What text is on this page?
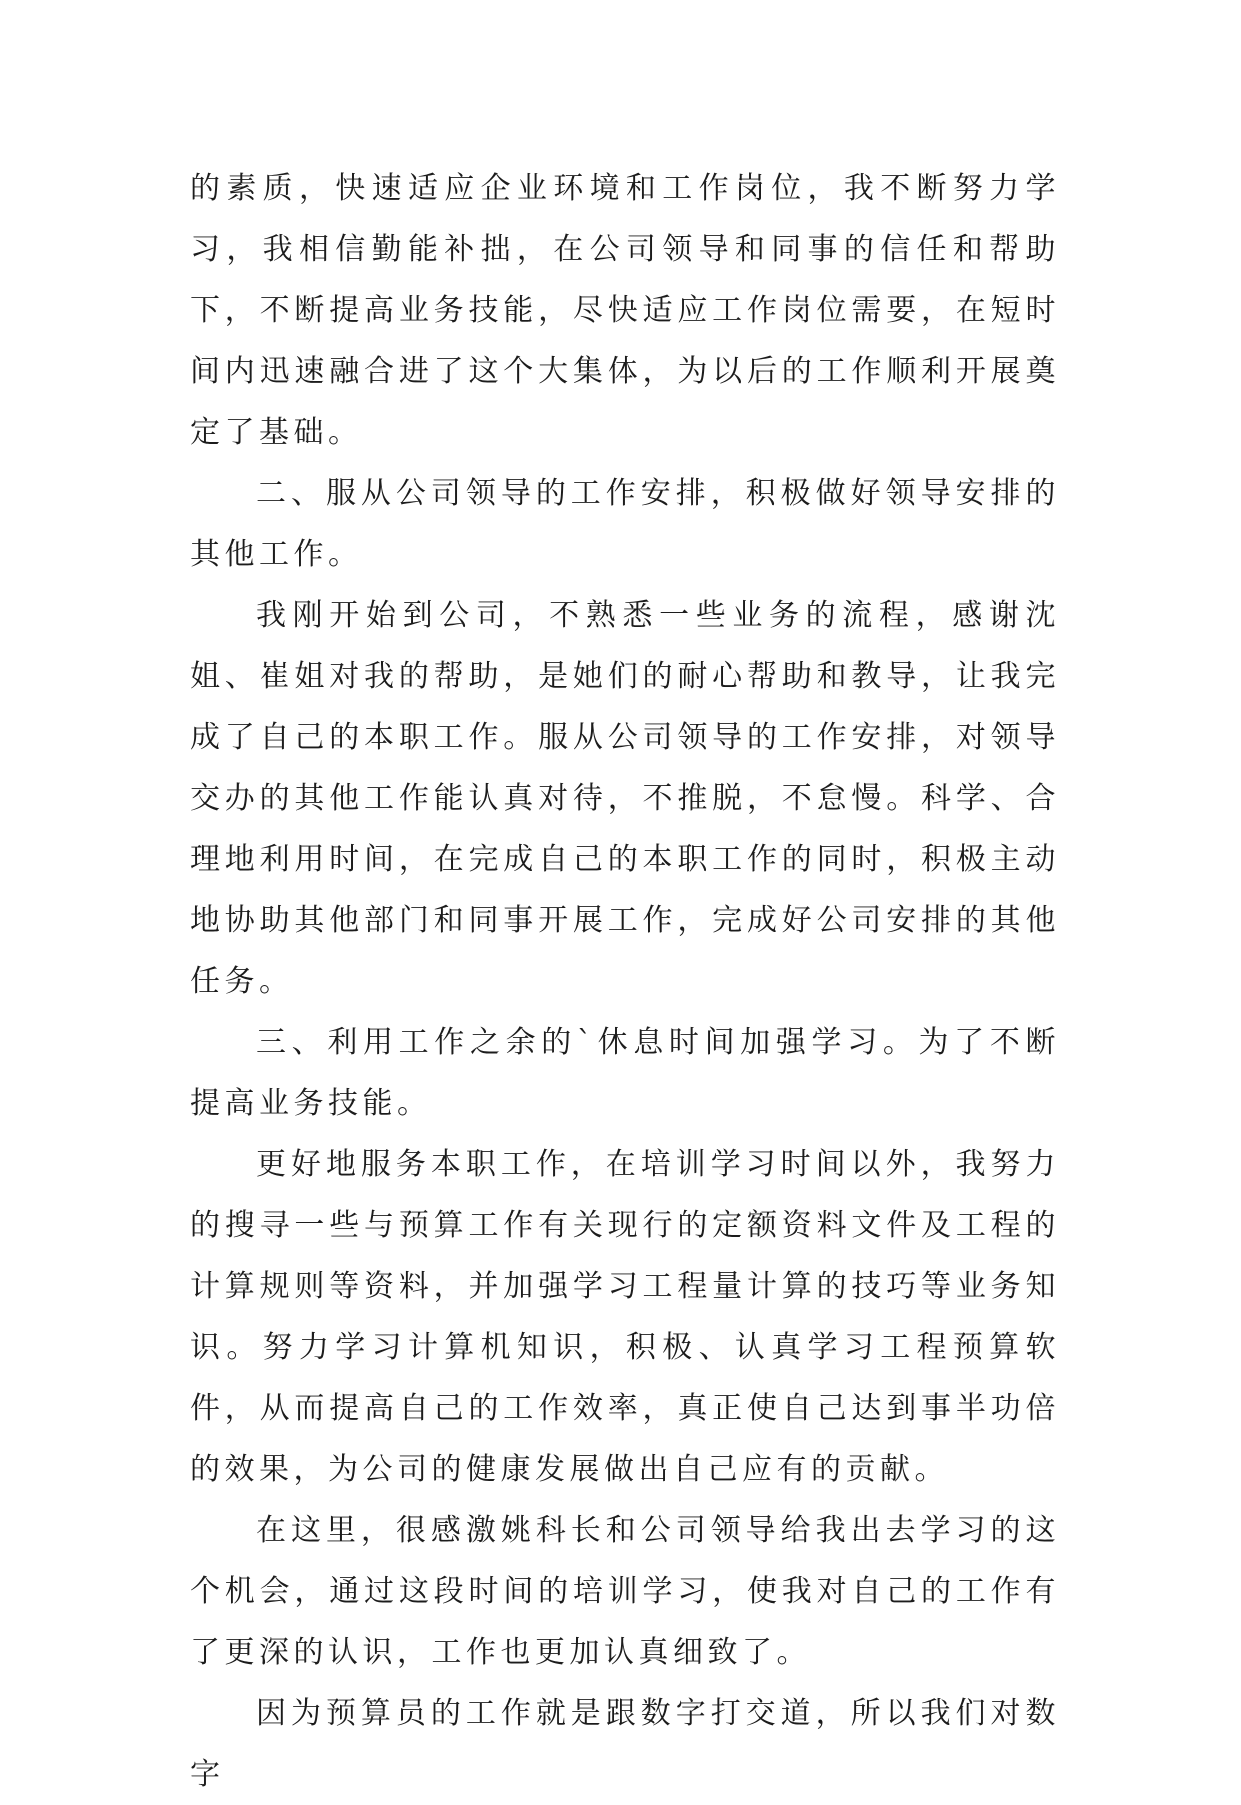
的素质，快速适应企业环境和工作岗位，我不断努力学习，我相信勤能补拙，在公司领导和同事的信任和帮助下，不断提高业务技能，尽快适应工作岗位需要，在短时间内迅速融合进了这个大集体，为以后的工作顺利开展奠定了基础。

二、服从公司领导的工作安排，积极做好领导安排的其他工作。

我刚开始到公司，不熟悉一些业务的流程，感谢沈姐、崔姐对我的帮助，是她们的耐心帮助和教导，让我完成了自己的本职工作。服从公司领导的工作安排，对领导交办的其他工作能认真对待，不推脱，不怠慢。科学、合理地利用时间，在完成自己的本职工作的同时，积极主动地协助其他部门和同事开展工作，完成好公司安排的其他任务。

三、利用工作之余的`休息时间加强学习。为了不断提高业务技能。

更好地服务本职工作，在培训学习时间以外，我努力的搜寻一些与预算工作有关现行的定额资料文件及工程的计算规则等资料，并加强学习工程量计算的技巧等业务知识。努力学习计算机知识，积极、认真学习工程预算软件，从而提高自己的工作效率，真正使自己达到事半功倍的效果，为公司的健康发展做出自己应有的贡献。

在这里，很感激姚科长和公司领导给我出去学习的这个机会，通过这段时间的培训学习，使我对自己的工作有了更深的认识，工作也更加认真细致了。

因为预算员的工作就是跟数字打交道，所以我们对数字
